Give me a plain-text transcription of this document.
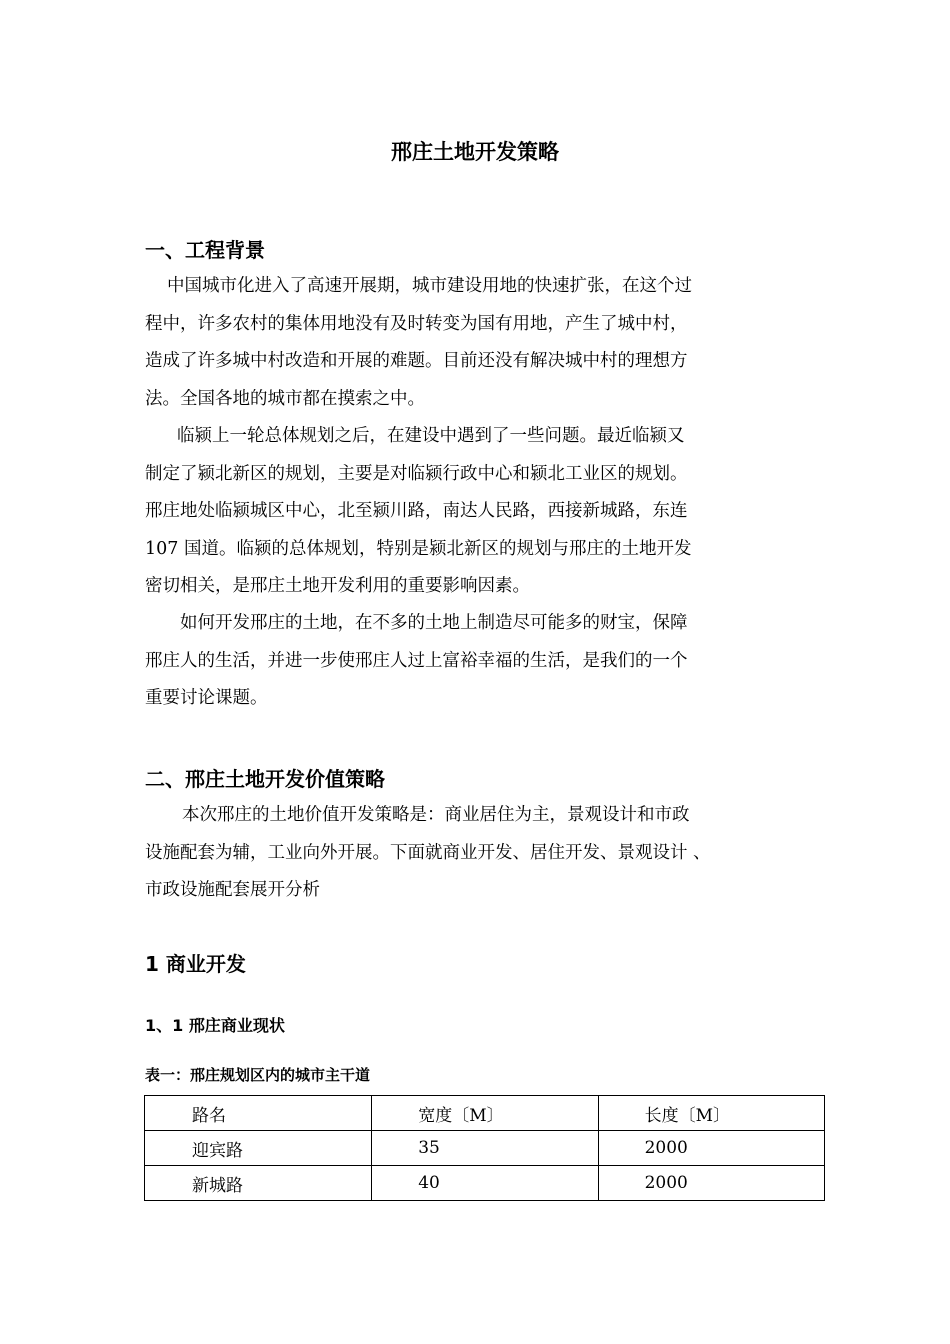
邢庄土地开发策略
一、工程背景

中国城市化进入了高速开展期，城市建设用地的快速扩张，在这个过
程中，许多农村的集体用地没有及时转变为国有用地，产生了城中村，
造成了许多城中村改造和开展的难题。目前还没有解决城中村的理想方
法。全国各地的城市都在摸索之中。

临颍上一轮总体规划之后，在建设中遇到了一些问题。最近临颍又
制定了颍北新区的规划，主要是对临颍行政中心和颍北工业区的规划。
邢庄地处临颍城区中心，北至颍川路，南达人民路，西接新城路，东连
107 国道。临颍的总体规划，特别是颍北新区的规划与邢庄的土地开发
密切相关，是邢庄土地开发利用的重要影响因素。

如何开发邢庄的土地，在不多的土地上制造尽可能多的财宝，保障
邢庄人的生活，并进一步使邢庄人过上富裕幸福的生活，是我们的一个
重要讨论课题。

二、邢庄土地开发价值策略

本次邢庄的土地价值开发策略是：商业居住为主，景观设计和市政
设施配套为辅，工业向外开展。下面就商业开发、居住开发、景观设计 、
市政设施配套展开分析

1 商业开发
1、1 邢庄商业现状
表一：邢庄规划区内的城市主干道
路名	宽度〔M〕	长度〔M〕
迎宾路	35	2000
新城路	40	2000
